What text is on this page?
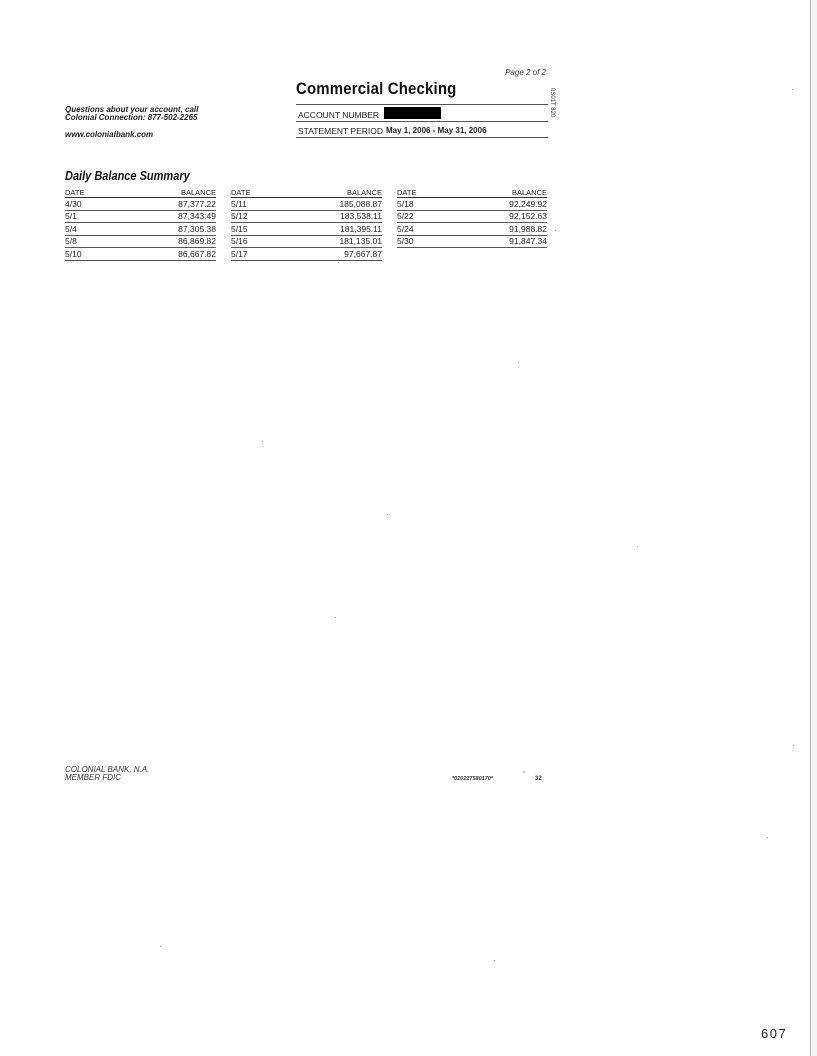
Page 2 of 2
Commercial Checking
Questions about your account, call
Colonial Connection: 877-502-2265
www.colonialbank.com
ACCOUNT NUMBER
STATEMENT PERIOD May 1, 2006 - May 31, 2006
0S01T 820
Daily Balance Summary
DATE	BALANCE
4/30	87,377.22
5/1	87,343.49
5/4	87,305.38
5/8	86,869.82
5/10	86,667.82
DATE	BALANCE
5/11	185,088.87
5/12	183,538.11
5/15	181,395.11
5/16	181,135.01
5/17	97,667.87
DATE	BALANCE
5/18	92,249.92
5/22	92,152.63
5/24	91,988.82
5/30	91,847.34
COLONIAL BANK, N.A.
MEMBER FDIC	*020227580170*	ˇ 32
607
